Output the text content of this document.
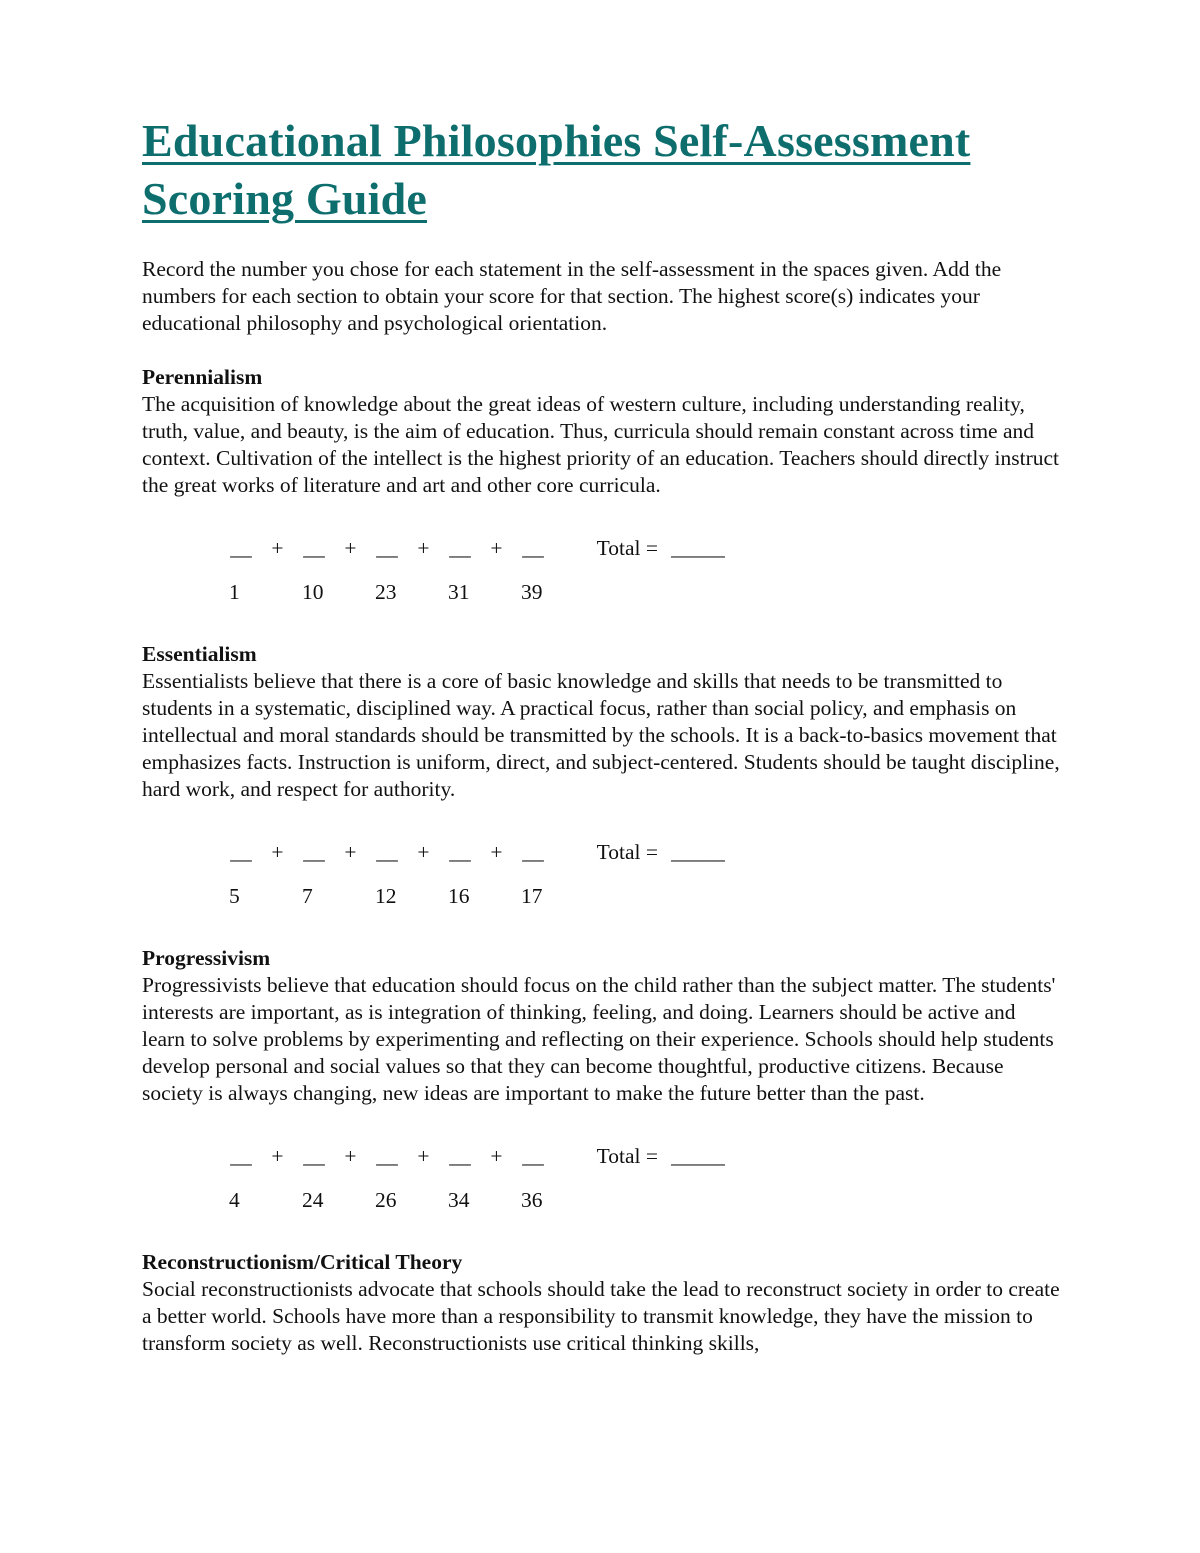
Educational Philosophies Self-Assessment
Scoring Guide

Record the number you chose for each statement in the self-assessment in the spaces given. Add the numbers for each section to obtain your score for that section. The highest score(s) indicates your educational philosophy and psychological orientation.

Perennialism

The acquisition of knowledge about the great ideas of western culture, including understanding reality, truth, value, and beauty, is the aim of education. Thus, curricula should remain constant across time and context. Cultivation of the intellect is the highest priority of an education. Teachers should directly instruct the great works of literature and art and other core curricula.

__ + __ + __ + __ + __	Total = _____
1	10	23	31	39

Essentialism

Essentialists believe that there is a core of basic knowledge and skills that needs to be transmitted to students in a systematic, disciplined way. A practical focus, rather than social policy, and emphasis on intellectual and moral standards should be transmitted by the schools. It is a back-to-basics movement that emphasizes facts. Instruction is uniform, direct, and subject-centered. Students should be taught discipline, hard work, and respect for authority.

__ + __ + __ + __ + __	Total = _____
5	7	12	16	17

Progressivism

Progressivists believe that education should focus on the child rather than the subject matter. The students' interests are important, as is integration of thinking, feeling, and doing. Learners should be active and learn to solve problems by experimenting and reflecting on their experience. Schools should help students develop personal and social values so that they can become thoughtful, productive citizens. Because society is always changing, new ideas are important to make the future better than the past.

__ + __ + __ + __ + __	Total = _____
4	24	26	34	36

Reconstructionism/Critical Theory

Social reconstructionists advocate that schools should take the lead to reconstruct society in order to create a better world. Schools have more than a responsibility to transmit knowledge, they have the mission to transform society as well. Reconstructionists use critical thinking skills,
